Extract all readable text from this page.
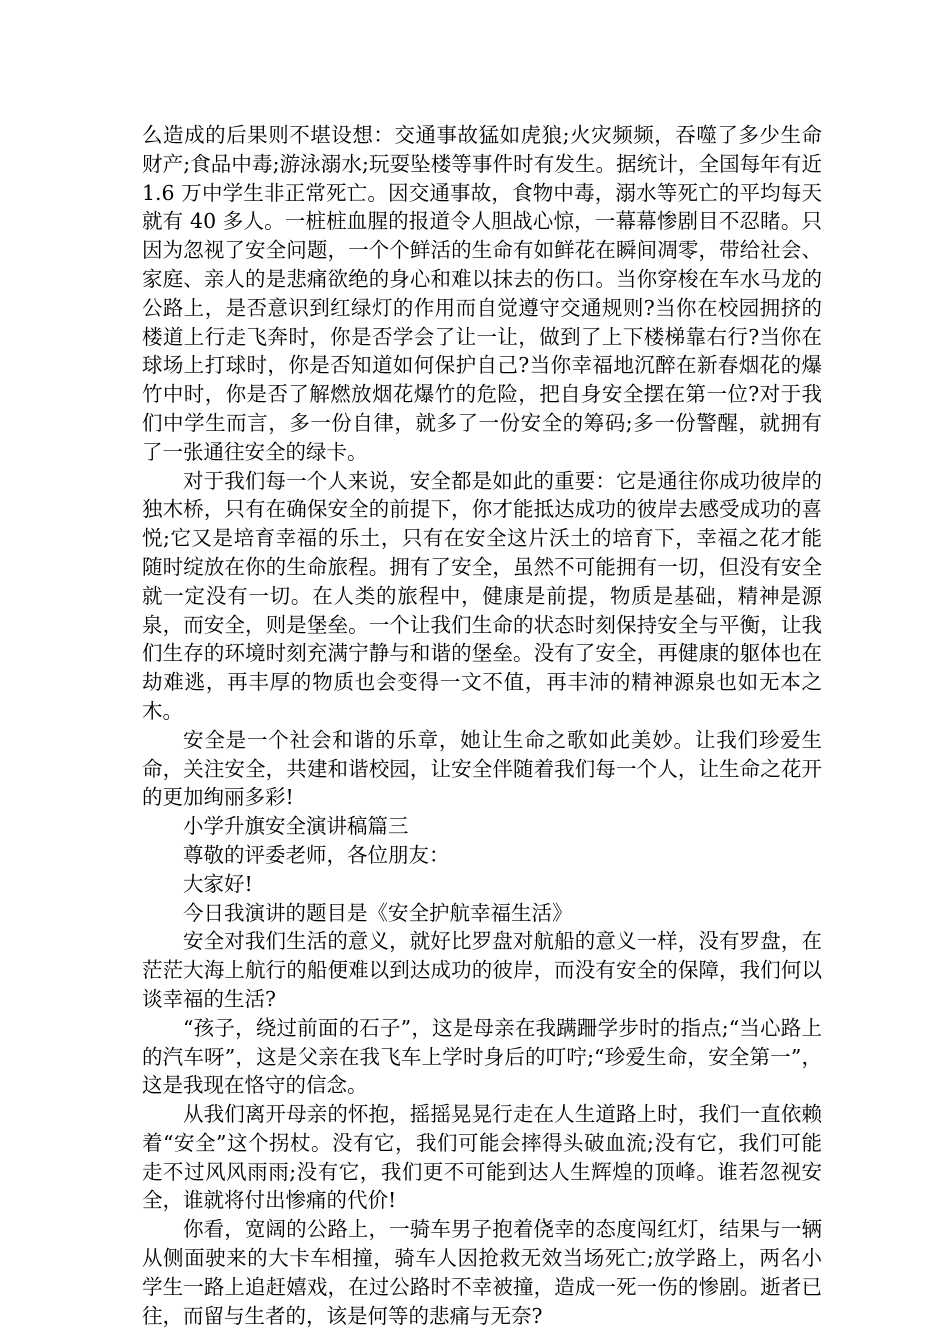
么造成的后果则不堪设想：交通事故猛如虎狼;火灾频频，吞噬了多少生命财产;食品中毒;游泳溺水;玩耍坠楼等事件时有发生。据统计，全国每年有近 1.6 万中学生非正常死亡。因交通事故，食物中毒，溺水等死亡的平均每天就有 40 多人。一桩桩血腥的报道令人胆战心惊，一幕幕惨剧目不忍睹。只因为忽视了安全问题，一个个鲜活的生命有如鲜花在瞬间凋零，带给社会、家庭、亲人的是悲痛欲绝的身心和难以抹去的伤口。当你穿梭在车水马龙的公路上，是否意识到红绿灯的作用而自觉遵守交通规则?当你在校园拥挤的楼道上行走飞奔时，你是否学会了让一让，做到了上下楼梯靠右行?当你在球场上打球时，你是否知道如何保护自己?当你幸福地沉醉在新春烟花的爆竹中时，你是否了解燃放烟花爆竹的危险，把自身安全摆在第一位?对于我们中学生而言，多一份自律，就多了一份安全的筹码;多一份警醒，就拥有了一张通往安全的绿卡。

对于我们每一个人来说，安全都是如此的重要：它是通往你成功彼岸的独木桥，只有在确保安全的前提下，你才能抵达成功的彼岸去感受成功的喜悦;它又是培育幸福的乐土，只有在安全这片沃土的培育下，幸福之花才能随时绽放在你的生命旅程。拥有了安全，虽然不可能拥有一切，但没有安全就一定没有一切。在人类的旅程中，健康是前提，物质是基础，精神是源泉，而安全，则是堡垒。一个让我们生命的状态时刻保持安全与平衡，让我们生存的环境时刻充满宁静与和谐的堡垒。没有了安全，再健康的躯体也在劫难逃，再丰厚的物质也会变得一文不值，再丰沛的精神源泉也如无本之木。

安全是一个社会和谐的乐章，她让生命之歌如此美妙。让我们珍爱生命，关注安全，共建和谐校园，让安全伴随着我们每一个人，让生命之花开的更加绚丽多彩!

小学升旗安全演讲稿篇三

尊敬的评委老师，各位朋友：

大家好!

今日我演讲的题目是《安全护航幸福生活》

安全对我们生活的意义，就好比罗盘对航船的意义一样，没有罗盘，在茫茫大海上航行的船便难以到达成功的彼岸，而没有安全的保障，我们何以谈幸福的生活?

“孩子，绕过前面的石子”，这是母亲在我蹒跚学步时的指点;“当心路上的汽车呀”，这是父亲在我飞车上学时身后的叮咛;“珍爱生命，安全第一”，这是我现在恪守的信念。

从我们离开母亲的怀抱，摇摇晃晃行走在人生道路上时，我们一直依赖着“安全”这个拐杖。没有它，我们可能会摔得头破血流;没有它，我们可能走不过风风雨雨;没有它，我们更不可能到达人生辉煌的顶峰。谁若忽视安全，谁就将付出惨痛的代价!

你看，宽阔的公路上，一骑车男子抱着侥幸的态度闯红灯，结果与一辆从侧面驶来的大卡车相撞，骑车人因抢救无效当场死亡;放学路上，两名小学生一路上追赶嬉戏，在过公路时不幸被撞，造成一死一伤的惨剧。逝者已往，而留与生者的，该是何等的悲痛与无奈?
